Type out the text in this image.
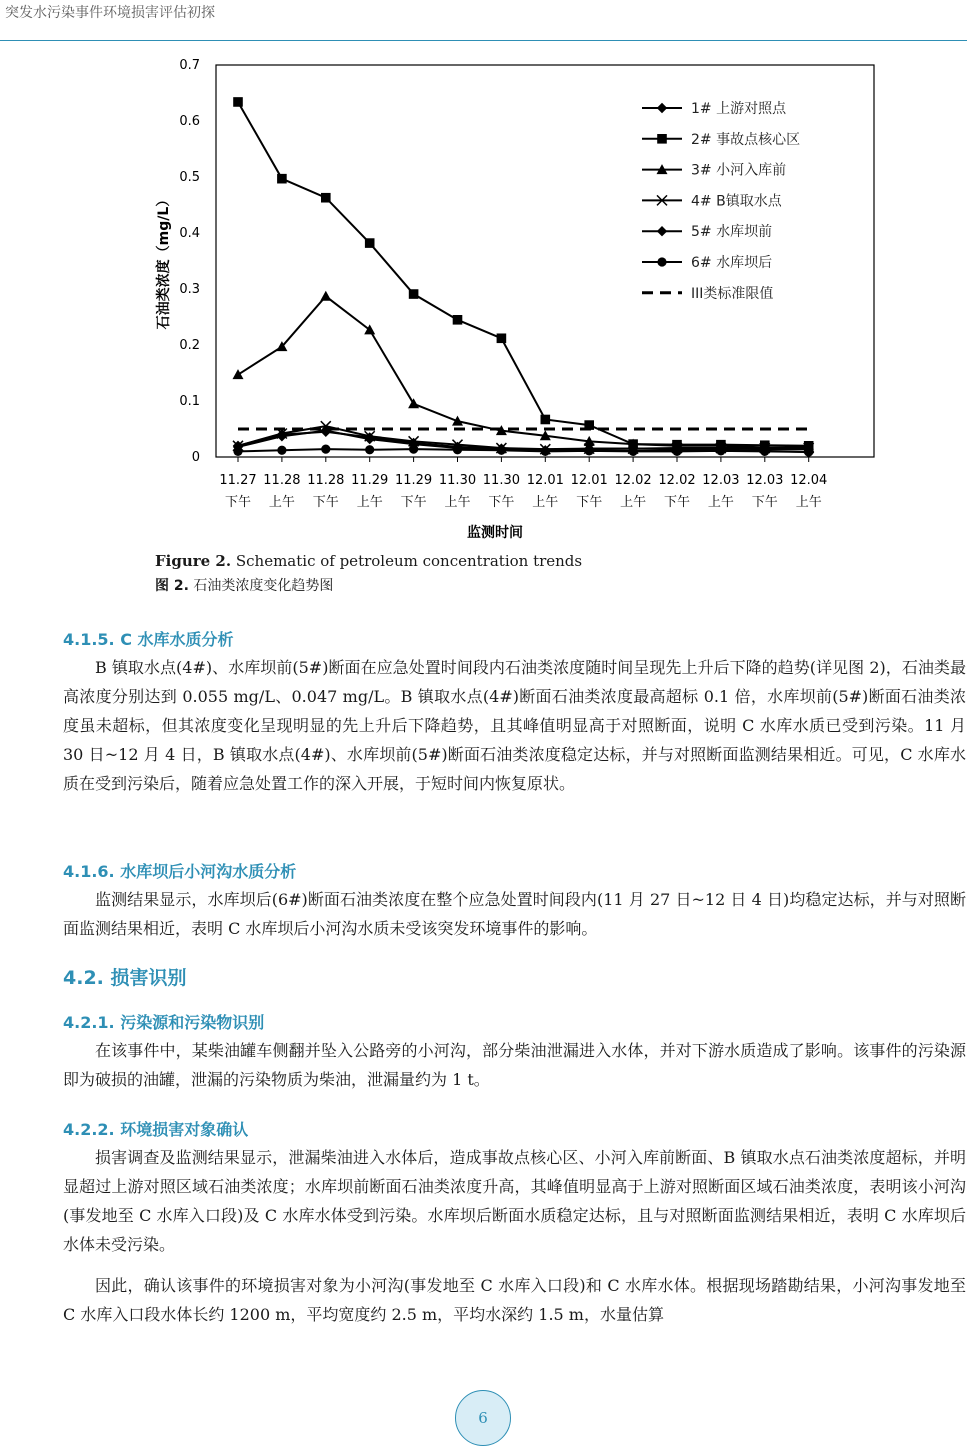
突发水污染事件环境损害评估初探
0
0.1
0.2
0.3
0.4
0.5
0.6
0.7
11.27
下午
11.28
上午
11.28
下午
11.29
上午
11.29
下午
11.30
上午
11.30
下午
12.01
上午
12.01
下午
12.02
上午
12.02
下午
12.03
上午
12.03
下午
12.04
上午
监测时间
石油类浓度（mg/L）
1# 上游对照点
2# 事故点核心区
3# 小河入库前
4# B镇取水点
5# 水库坝前
6# 水库坝后
III类标准限值
Figure 2. Schematic of petroleum concentration trends
图 2. 石油类浓度变化趋势图
4.1.5. C 水库水质分析

B 镇取水点(4#)、水库坝前(5#)断面在应急处置时间段内石油类浓度随时间呈现先上升后下降的趋势(详见图 2)，石油类最高浓度分别达到 0.055 mg/L、0.047 mg/L。B 镇取水点(4#)断面石油类浓度最高超标 0.1 倍，水库坝前(5#)断面石油类浓度虽未超标，但其浓度变化呈现明显的先上升后下降趋势，且其峰值明显高于对照断面，说明 C 水库水质已受到污染。11 月 30 日~12 月 4 日，B 镇取水点(4#)、水库坝前(5#)断面石油类浓度稳定达标，并与对照断面监测结果相近。可见，C 水库水质在受到污染后，随着应急处置工作的深入开展，于短时间内恢复原状。

4.1.6. 水库坝后小河沟水质分析

监测结果显示，水库坝后(6#)断面石油类浓度在整个应急处置时间段内(11 月 27 日~12 日 4 日)均稳定达标，并与对照断面监测结果相近，表明 C 水库坝后小河沟水质未受该突发环境事件的影响。

4.2. 损害识别
4.2.1. 污染源和污染物识别

在该事件中，某柴油罐车侧翻并坠入公路旁的小河沟，部分柴油泄漏进入水体，并对下游水质造成了影响。该事件的污染源即为破损的油罐，泄漏的污染物质为柴油，泄漏量约为 1 t。

4.2.2. 环境损害对象确认

损害调查及监测结果显示，泄漏柴油进入水体后，造成事故点核心区、小河入库前断面、B 镇取水点石油类浓度超标，并明显超过上游对照区域石油类浓度；水库坝前断面石油类浓度升高，其峰值明显高于上游对照断面区域石油类浓度，表明该小河沟(事发地至 C 水库入口段)及 C 水库水体受到污染。水库坝后断面水质稳定达标，且与对照断面监测结果相近，表明 C 水库坝后水体未受污染。

因此，确认该事件的环境损害对象为小河沟(事发地至 C 水库入口段)和 C 水库水体。根据现场踏勘结果，小河沟事发地至 C 水库入口段水体长约 1200 m，平均宽度约 2.5 m，平均水深约 1.5 m，水量估算

6
